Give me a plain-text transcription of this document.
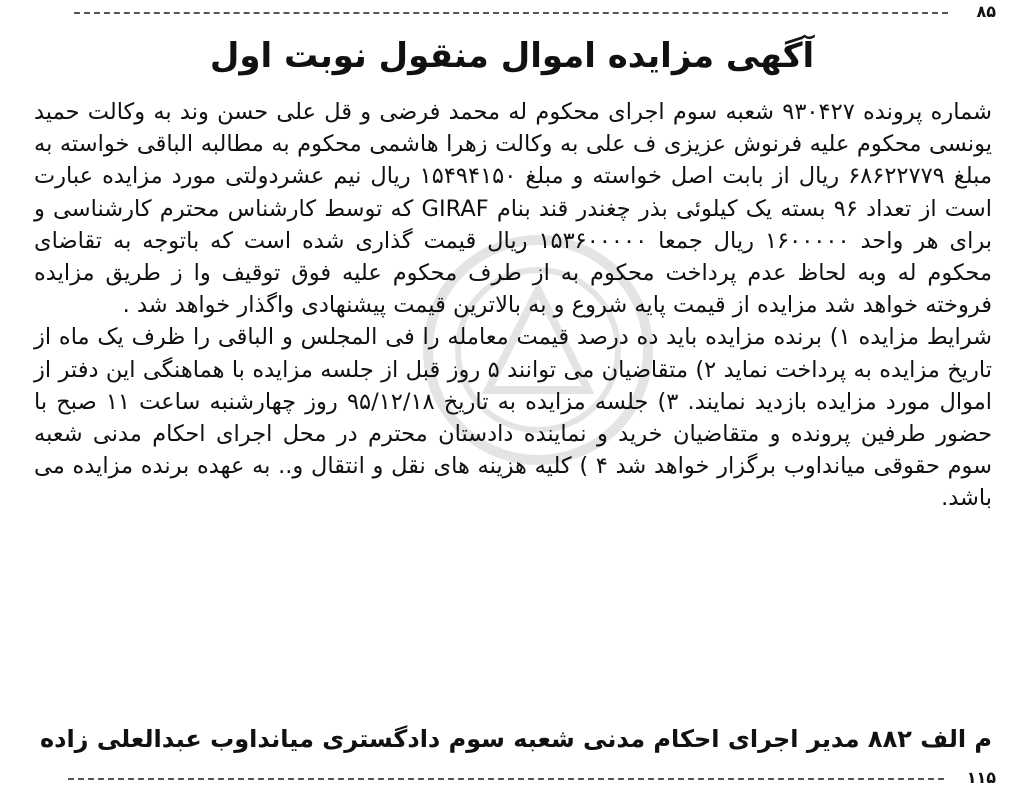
۸۵
آگهی مزایده اموال منقول نوبت اول

شماره پرونده ۹۳۰۴۲۷ شعبه سوم اجرای محکوم له محمد فرضی و قل علی حسن وند به وکالت حمید یونسی محکوم علیه فرنوش عزیزی ف علی به وکالت زهرا هاشمی محکوم به مطالبه الباقی خواسته به مبلغ ۶۸۶۲۲۷۷۹ ریال از بابت اصل خواسته و مبلغ ۱۵۴۹۴۱۵۰ ریال نیم عشردولتی مورد مزایده عبارت است از تعداد ۹۶ بسته یک کیلوئی بذر چغندر قند بنام GIRAF که توسط کارشناس محترم کارشناسی و برای هر واحد ۱۶۰۰۰۰۰ ریال جمعا ۱۵۳۶۰۰۰۰۰ ریال قیمت گذاری شده است که باتوجه به تقاضای محکوم له وبه لحاظ عدم پرداخت محکوم به از طرف محکوم علیه فوق توقیف وا ز طریق مزایده فروخته خواهد شد مزایده از قیمت پایه شروع و به بالاترین قیمت پیشنهادی واگذار خواهد شد .

شرایط مزایده ۱) برنده مزایده باید ده درصد قیمت معامله را فی المجلس و الباقی را ظرف یک ماه از تاریخ مزایده به پرداخت نماید ۲) متقاضیان می توانند ۵ روز قبل از جلسه مزایده با هماهنگی این دفتر از اموال مورد مزایده بازدید نمایند. ۳) جلسه مزایده به تاریخ ۹۵/۱۲/۱۸ روز چهارشنبه ساعت ۱۱ صبح با حضور طرفین پرونده و متقاضیان خرید و نماینده دادستان محترم در محل اجرای احکام مدنی شعبه سوم حقوقی میانداوب برگزار خواهد شد ۴ ) کلیه هزینه های نقل و انتقال و.. به عهده برنده مزایده می باشد.

م الف ۸۸۲ مدیر اجرای احکام مدنی شعبه سوم دادگستری میانداوب عبدالعلی زاده
۱۱۵
